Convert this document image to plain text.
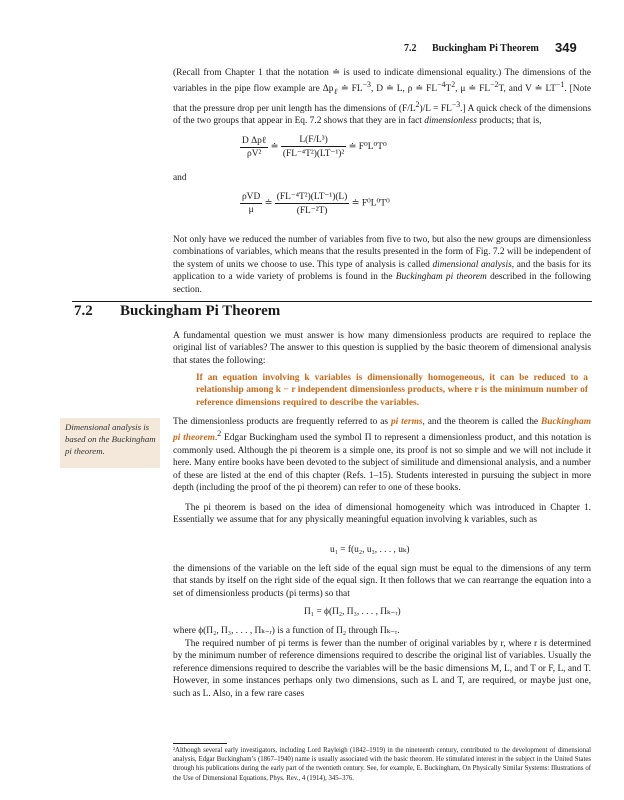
7.2 Buckingham Pi Theorem 349
(Recall from Chapter 1 that the notation ≐ is used to indicate dimensional equality.) The dimensions of the variables in the pipe flow example are $\Delta p_\ell$ ≐ $FL^{-3}$, D ≐ L, ρ ≐ $FL^{-4}T^2$, μ ≐ $FL^{-2}T$, and V ≐ $LT^{-1}$. [Note that the pressure drop per unit length has the dimensions of $(F/L^2)/L = FL^{-3}$.] A quick check of the dimensions of the two groups that appear in Eq. 7.2 shows that they are in fact dimensionless products; that is,
$\frac{\text{D Δpℓ}}{\text{ρV²}}$ ≐ $\frac{\text{L(F/L³)}}{\text{(FL⁻⁴T²)(LT⁻¹)²}}$ ≐ F⁰L⁰T⁰
and
$\frac{\text{ρVD}}{\mu}$ ≐ $\frac{\text{(FL⁻⁴T²)(LT⁻¹)(L)}}{\text{(FL⁻²T)}}$ ≐ F⁰L⁰T⁰
Not only have we reduced the number of variables from five to two, but also the new groups are dimensionless combinations of variables, which means that the results presented in the form of Fig. 7.2 will be independent of the system of units we choose to use. This type of analysis is called dimensional analysis, and the basis for its application to a wide variety of problems is found in the Buckingham pi theorem described in the following section.
7.2 Buckingham Pi Theorem
A fundamental question we must answer is how many dimensionless products are required to replace the original list of variables? The answer to this question is supplied by the basic theorem of dimensional analysis that states the following:
If an equation involving k variables is dimensionally homogeneous, it can be reduced to a relationship among k − r independent dimensionless products, where r is the minimum number of reference dimensions required to describe the variables.
Dimensional analysis is based on the Buckingham pi theorem.
The dimensionless products are frequently referred to as pi terms, and the theorem is called the Buckingham pi theorem.$^2$ Edgar Buckingham used the symbol Π to represent a dimensionless product, and this notation is commonly used. Although the pi theorem is a simple one, its proof is not so simple and we will not include it here. Many entire books have been devoted to the subject of similitude and dimensional analysis, and a number of these are listed at the end of this chapter (Refs. 1–15). Students interested in pursuing the subject in more depth (including the proof of the pi theorem) can refer to one of these books.
The pi theorem is based on the idea of dimensional homogeneity which was introduced in Chapter 1. Essentially we assume that for any physically meaningful equation involving k variables, such as
u₁ = f(u₂, u₃, . . . , uₖ)
the dimensions of the variable on the left side of the equal sign must be equal to the dimensions of any term that stands by itself on the right side of the equal sign. It then follows that we can rearrange the equation into a set of dimensionless products (pi terms) so that
Π₁ = ϕ(Π₂, Π₃, . . . , Πₖ₋ᵣ)
where ϕ(Π₂, Π₃, . . . , Πₖ₋ᵣ) is a function of Π₂ through Πₖ₋ᵣ.
The required number of pi terms is fewer than the number of original variables by r, where r is determined by the minimum number of reference dimensions required to describe the original list of variables. Usually the reference dimensions required to describe the variables will be the basic dimensions M, L, and T or F, L, and T. However, in some instances perhaps only two dimensions, such as L and T, are required, or maybe just one, such as L. Also, in a few rare cases
²Although several early investigators, including Lord Rayleigh (1842–1919) in the nineteenth century, contributed to the development of dimensional analysis, Edgar Buckingham’s (1867–1940) name is usually associated with the basic theorem. He stimulated interest in the subject in the United States through his publications during the early part of the twentieth century. See, for example, E. Buckingham, On Physically Similar Systems: Illustrations of the Use of Dimensional Equations, Phys. Rev., 4 (1914), 345–376.
